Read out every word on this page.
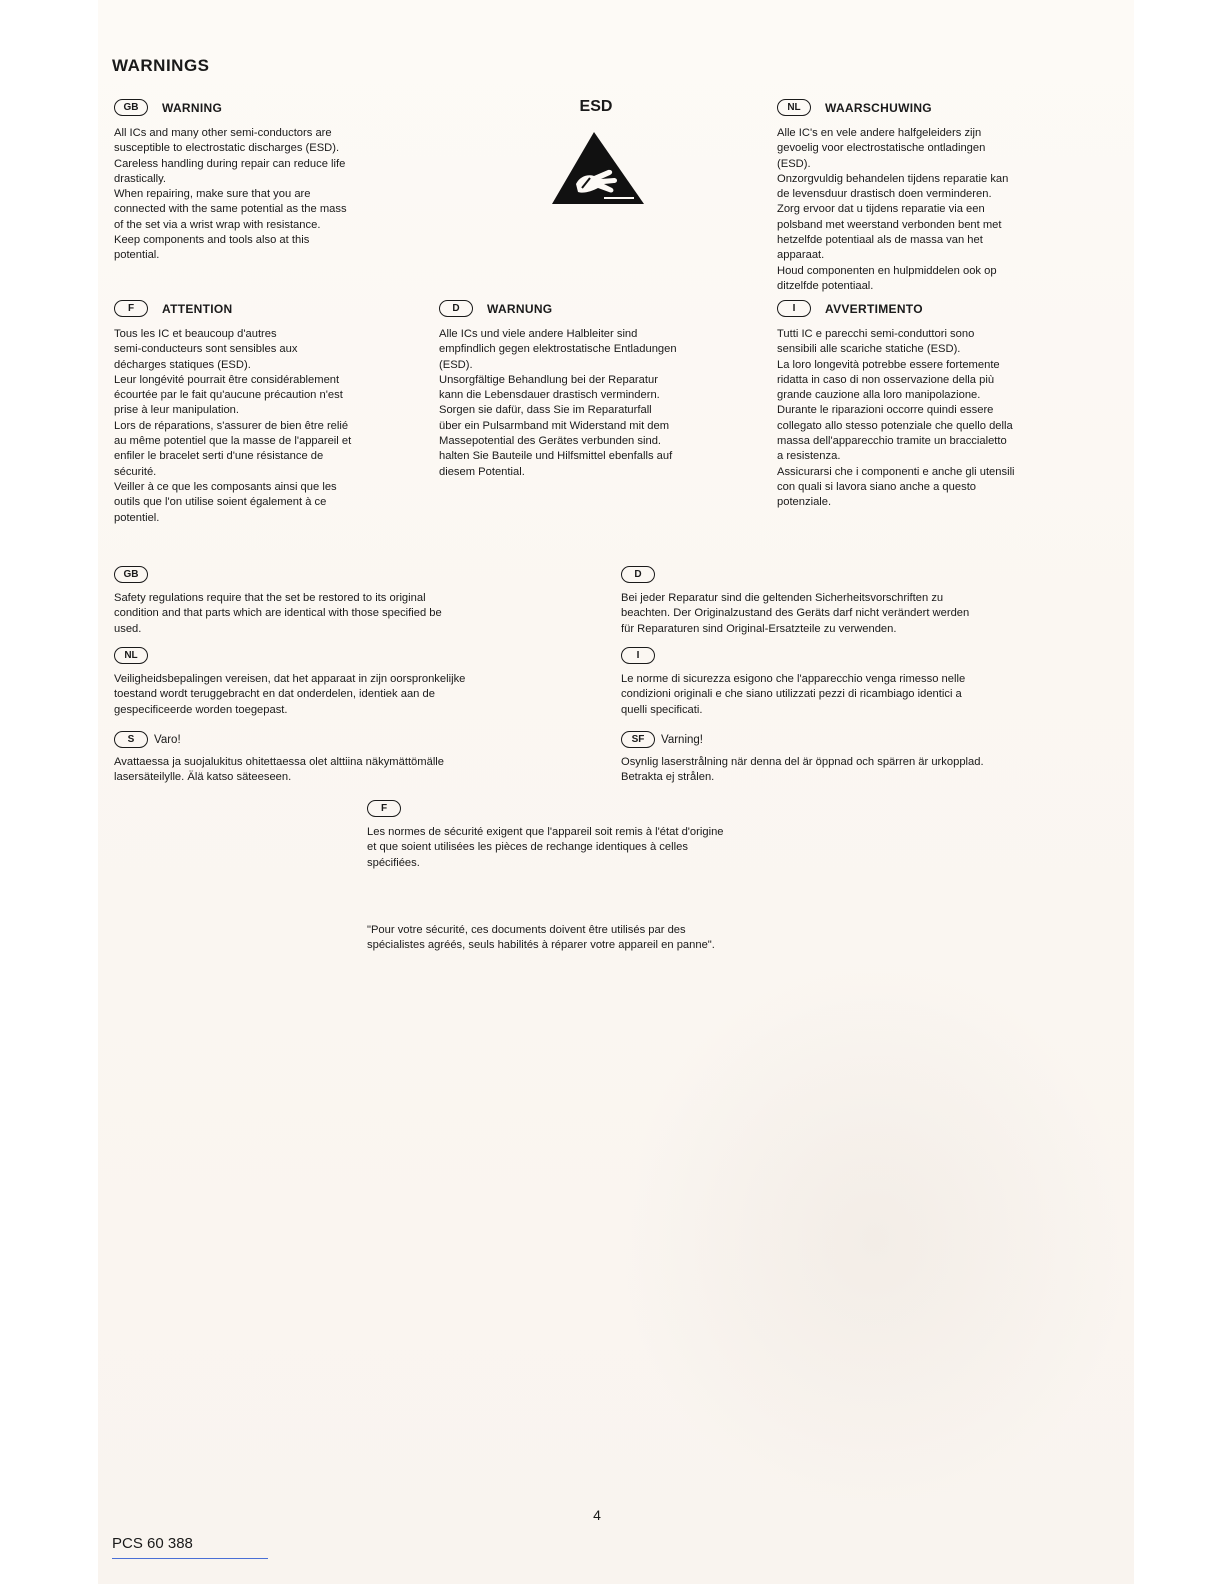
WARNINGS
GB	WARNING
All ICs and many other semi-conductors are
susceptible to electrostatic discharges (ESD).
Careless handling during repair can reduce life
drastically.
When repairing, make sure that you are
connected with the same potential as the mass
of the set via a wrist wrap with resistance.
Keep components and tools also at this
potential.
ESD	NL	WAARSCHUWING
Alle IC's en vele andere halfgeleiders zijn
gevoelig voor electrostatische ontladingen
(ESD).
Onzorgvuldig behandelen tijdens reparatie kan
de levensduur drastisch doen verminderen.
Zorg ervoor dat u tijdens reparatie via een
polsband met weerstand verbonden bent met
hetzelfde potentiaal als de massa van het
apparaat.
Houd componenten en hulpmiddelen ook op
ditzelfde potentiaal.
F	ATTENTION
Tous les IC et beaucoup d'autres
semi-conducteurs sont sensibles aux
décharges statiques (ESD).
Leur longévité pourrait être considérablement
écourtée par le fait qu'aucune précaution n'est
prise à leur manipulation.
Lors de réparations, s'assurer de bien être relié
au même potentiel que la masse de l'appareil et
enfiler le bracelet serti d'une résistance de
sécurité.
Veiller à ce que les composants ainsi que les
outils que l'on utilise soient également à ce
potentiel.
D	WARNUNG
Alle ICs und viele andere Halbleiter sind
empfindlich gegen elektrostatische Entladungen
(ESD).
Unsorgfältige Behandlung bei der Reparatur
kann die Lebensdauer drastisch vermindern.
Sorgen sie dafür, dass Sie im Reparaturfall
über ein Pulsarmband mit Widerstand mit dem
Massepotential des Gerätes verbunden sind.
halten Sie Bauteile und Hilfsmittel ebenfalls auf
diesem Potential.
I	AVVERTIMENTO
Tutti IC e parecchi semi-conduttori sono
sensibili alle scariche statiche (ESD).
La loro longevità potrebbe essere fortemente
ridatta in caso di non osservazione della più
grande cauzione alla loro manipolazione.
Durante le riparazioni occorre quindi essere
collegato allo stesso potenziale che quello della
massa dell'apparecchio tramite un braccialetto
a resistenza.
Assicurarsi che i componenti e anche gli utensili
con quali si lavora siano anche a questo
potenziale.
GB
Safety regulations require that the set be restored to its original
condition and that parts which are identical with those specified be
used.
D
Bei jeder Reparatur sind die geltenden Sicherheitsvorschriften zu
beachten. Der Originalzustand des Geräts darf nicht verändert werden
für Reparaturen sind Original-Ersatzteile zu verwenden.
NL
Veiligheidsbepalingen vereisen, dat het apparaat in zijn oorspronkelijke
toestand wordt teruggebracht en dat onderdelen, identiek aan de
gespecificeerde worden toegepast.
I
Le norme di sicurezza esigono che l'apparecchio venga rimesso nelle
condizioni originali e che siano utilizzati pezzi di ricambiago identici a
quelli specificati.
S	Varo!
Avattaessa ja suojalukitus ohitettaessa olet alttiina näkymättömälle
lasersäteilylle. Älä katso säteeseen.
SF	Varning!
Osynlig laserstrålning när denna del är öppnad och spärren är urkopplad.
Betrakta ej strålen.
F
Les normes de sécurité exigent que l'appareil soit remis à l'état d'origine
et que soient utilisées les pièces de rechange identiques à celles
spécifiées.
"Pour votre sécurité, ces documents doivent être utilisés par des
spécialistes agréés, seuls habilités à réparer votre appareil en panne".
4
PCS 60 388
